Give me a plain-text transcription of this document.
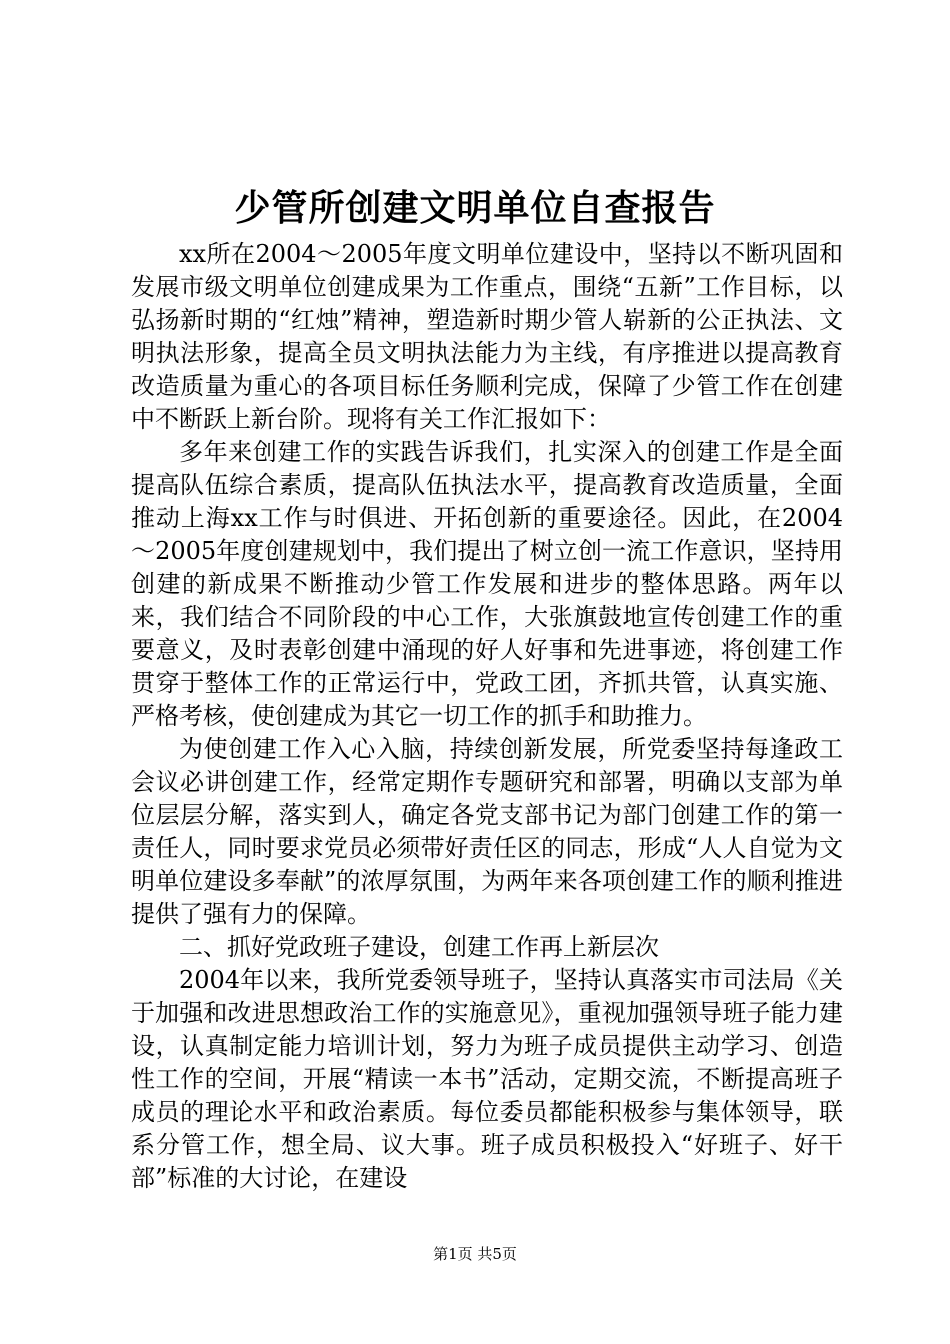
少管所创建文明单位自查报告

xx所在2004～2005年度文明单位建设中，坚持以不断巩固和发展市级文明单位创建成果为工作重点，围绕“五新”工作目标，以弘扬新时期的“红烛”精神，塑造新时期少管人崭新的公正执法、文明执法形象，提高全员文明执法能力为主线，有序推进以提高教育改造质量为重心的各项目标任务顺利完成，保障了少管工作在创建中不断跃上新台阶。现将有关工作汇报如下：

多年来创建工作的实践告诉我们，扎实深入的创建工作是全面提高队伍综合素质，提高队伍执法水平，提高教育改造质量，全面推动上海xx工作与时俱进、开拓创新的重要途径。因此，在2004～2005年度创建规划中，我们提出了树立创一流工作意识，坚持用创建的新成果不断推动少管工作发展和进步的整体思路。两年以来，我们结合不同阶段的中心工作，大张旗鼓地宣传创建工作的重要意义，及时表彰创建中涌现的好人好事和先进事迹，将创建工作贯穿于整体工作的正常运行中，党政工团，齐抓共管，认真实施、严格考核，使创建成为其它一切工作的抓手和助推力。

为使创建工作入心入脑，持续创新发展，所党委坚持每逢政工会议必讲创建工作，经常定期作专题研究和部署，明确以支部为单位层层分解，落实到人，确定各党支部书记为部门创建工作的第一责任人，同时要求党员必须带好责任区的同志，形成“人人自觉为文明单位建设多奉献”的浓厚氛围，为两年来各项创建工作的顺利推进提供了强有力的保障。

二、抓好党政班子建设，创建工作再上新层次

2004年以来，我所党委领导班子，坚持认真落实市司法局《关于加强和改进思想政治工作的实施意见》，重视加强领导班子能力建设，认真制定能力培训计划，努力为班子成员提供主动学习、创造性工作的空间，开展“精读一本书”活动，定期交流，不断提高班子成员的理论水平和政治素质。每位委员都能积极参与集体领导，联系分管工作，想全局、议大事。班子成员积极投入“好班子、好干部”标准的大讨论，在建设

第1页 共5页
